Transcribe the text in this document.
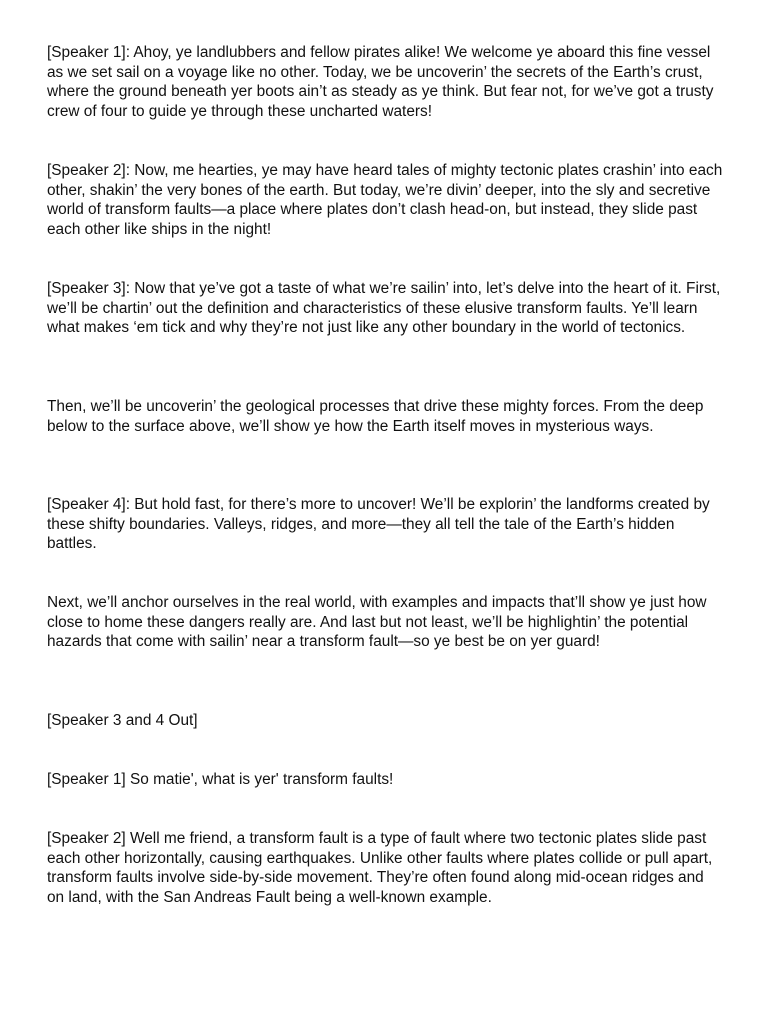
[Speaker 1]: Ahoy, ye landlubbers and fellow pirates alike! We welcome ye aboard this fine vessel as we set sail on a voyage like no other. Today, we be uncoverin’ the secrets of the Earth’s crust, where the ground beneath yer boots ain’t as steady as ye think. But fear not, for we’ve got a trusty crew of four to guide ye through these uncharted waters!

[Speaker 2]: Now, me hearties, ye may have heard tales of mighty tectonic plates crashin’ into each other, shakin’ the very bones of the earth. But today, we’re divin’ deeper, into the sly and secretive world of transform faults—a place where plates don’t clash head-on, but instead, they slide past each other like ships in the night!

[Speaker 3]: Now that ye’ve got a taste of what we’re sailin’ into, let’s delve into the heart of it. First, we’ll be chartin’ out the definition and characteristics of these elusive transform faults. Ye’ll learn what makes ‘em tick and why they’re not just like any other boundary in the world of tectonics.

Then, we’ll be uncoverin’ the geological processes that drive these mighty forces. From the deep below to the surface above, we’ll show ye how the Earth itself moves in mysterious ways.

[Speaker 4]: But hold fast, for there’s more to uncover! We’ll be explorin’ the landforms created by these shifty boundaries. Valleys, ridges, and more—they all tell the tale of the Earth’s hidden battles.

Next, we’ll anchor ourselves in the real world, with examples and impacts that’ll show ye just how close to home these dangers really are. And last but not least, we’ll be highlightin’ the potential hazards that come with sailin’ near a transform fault—so ye best be on yer guard!

[Speaker 3 and 4 Out]

[Speaker 1] So matie', what is yer' transform faults!

[Speaker 2] Well me friend, a transform fault is a type of fault where two tectonic plates slide past each other horizontally, causing earthquakes. Unlike other faults where plates collide or pull apart, transform faults involve side-by-side movement. They’re often found along mid-ocean ridges and on land, with the San Andreas Fault being a well-known example.
